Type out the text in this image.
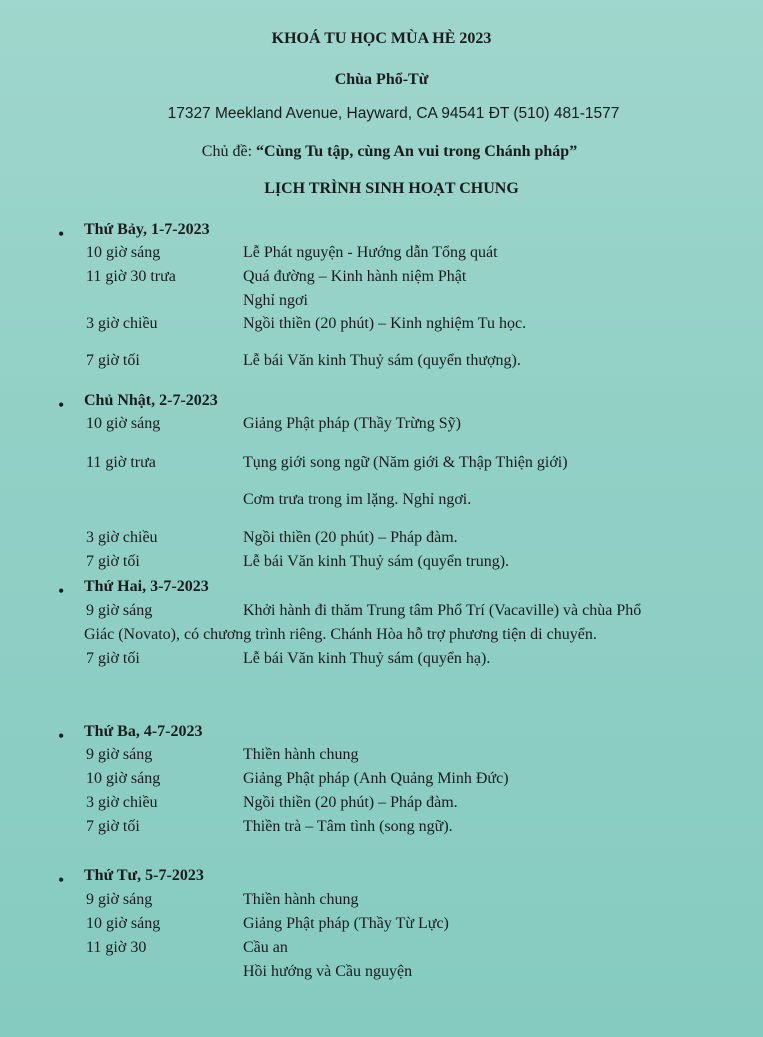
KHOÁ TU HỌC MÙA HÈ 2023
Chùa Phổ-Từ
17327 Meekland Avenue, Hayward, CA 94541 ĐT (510) 481-1577
Chủ đề: “Cùng Tu tập, cùng An vui trong Chánh pháp”
LỊCH TRÌNH SINH HOẠT CHUNG
• Thứ Bảy, 1-7-2023
10 giờ sáng	Lễ Phát nguyện - Hướng dẫn Tổng quát
11 giờ 30 trưa	Quá đường – Kinh hành niệm Phật
Nghỉ ngơi
3 giờ chiều	Ngồi thiền (20 phút) – Kinh nghiệm Tu học.
7 giờ tối	Lễ bái Văn kinh Thuỷ sám (quyển thượng).
• Chủ Nhật, 2-7-2023
10 giờ sáng	Giảng Phật pháp (Thầy Trừng Sỹ)
11 giờ trưa	Tụng giới song ngữ (Năm giới & Thập Thiện giới)
Cơm trưa trong im lặng. Nghỉ ngơi.
3 giờ chiều	Ngồi thiền (20 phút) – Pháp đàm.
7 giờ tối	Lễ bái Văn kinh Thuỷ sám (quyển trung).
• Thứ Hai, 3-7-2023
9 giờ sáng	Khởi hành đi thăm Trung tâm Phổ Trí (Vacaville) và chùa Phổ
Giác (Novato), có chương trình riêng. Chánh Hòa hỗ trợ phương tiện di chuyển.
7 giờ tối	Lễ bái Văn kinh Thuỷ sám (quyển hạ).
• Thứ Ba, 4-7-2023
9 giờ sáng	Thiền hành chung
10 giờ sáng	Giảng Phật pháp (Anh Quảng Minh Đức)
3 giờ chiều	Ngồi thiền (20 phút) – Pháp đàm.
7 giờ tối	Thiền trà – Tâm tình (song ngữ).
• Thứ Tư, 5-7-2023
9 giờ sáng	Thiền hành chung
10 giờ sáng	Giảng Phật pháp (Thầy Từ Lực)
11 giờ 30	Cầu an
Hồi hướng và Cầu nguyện
